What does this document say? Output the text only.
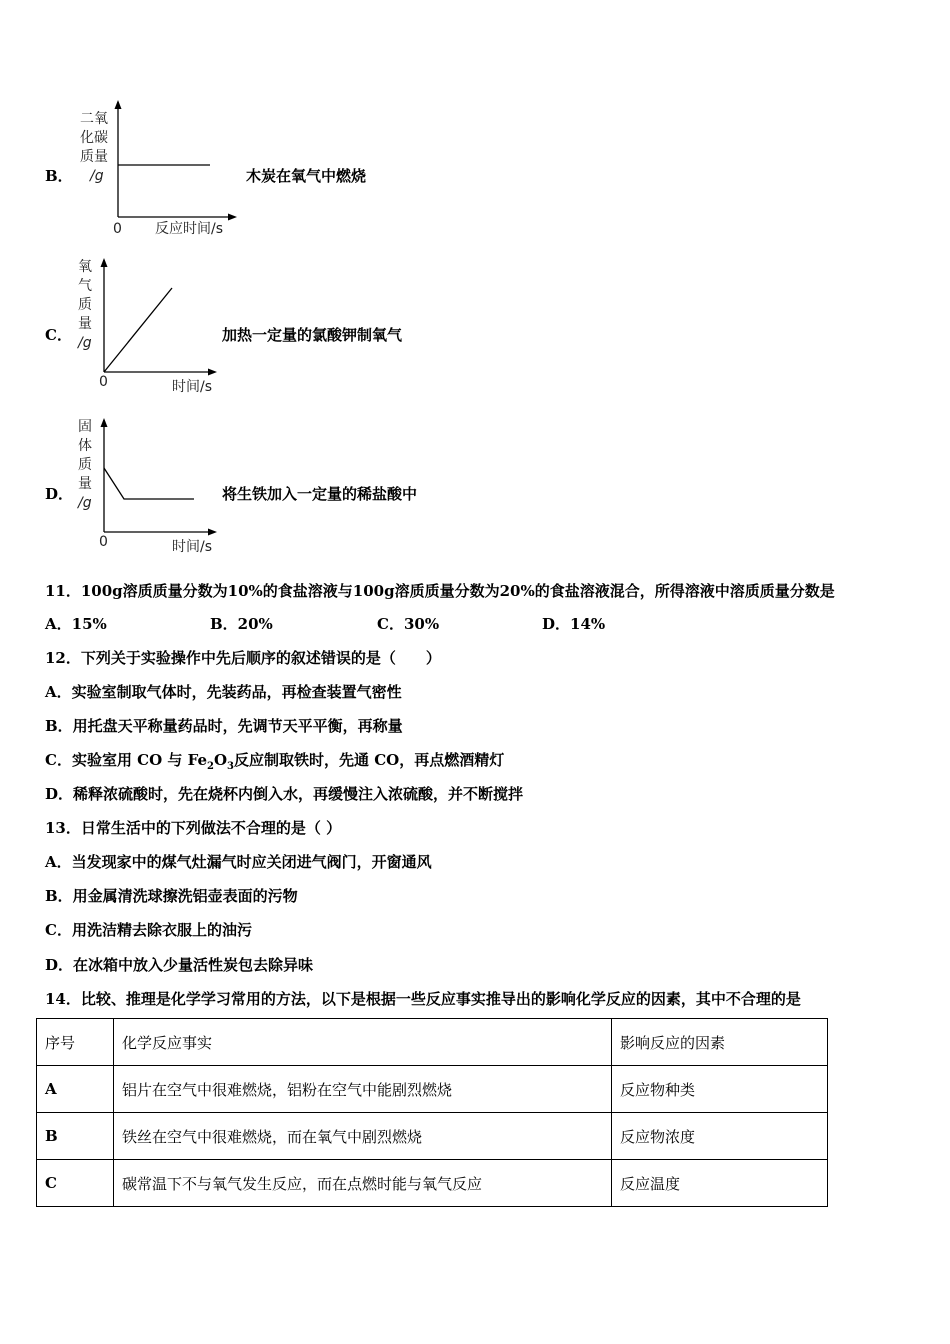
B．
二氧
化碳
质量
/g
0 反应时间/s
木炭在氧气中燃烧
C．
氧
气
质
量
/g
0	时间/s
加热一定量的氯酸钾制氧气
D．
固
体
质
量
/g
0	时间/s
将生铁加入一定量的稀盐酸中
11．100g溶质质量分数为10%的食盐溶液与100g溶质质量分数为20%的食盐溶液混合，所得溶液中溶质质量分数是
A．15%	B．20%	C．30%	D．14%
12．下列关于实验操作中先后顺序的叙述错误的是（　　）
A．实验室制取气体时，先装药品，再检查装置气密性
B．用托盘天平称量药品时，先调节天平平衡，再称量
C．实验室用 CO 与 $Fe_2O_3$反应制取铁时，先通 CO，再点燃酒精灯
D．稀释浓硫酸时，先在烧杯内倒入水，再缓慢注入浓硫酸，并不断搅拌
13．日常生活中的下列做法不合理的是（ ）
A．当发现家中的煤气灶漏气时应关闭进气阀门，开窗通风
B．用金属清洗球擦洗铝壶表面的污物
C．用洗洁精去除衣服上的油污
D．在冰箱中放入少量活性炭包去除异味
14．比较、推理是化学学习常用的方法，以下是根据一些反应事实推导出的影响化学反应的因素，其中不合理的是
序号	化学反应事实	影响反应的因素
A	铝片在空气中很难燃烧，铝粉在空气中能剧烈燃烧	反应物种类
B	铁丝在空气中很难燃烧，而在氧气中剧烈燃烧	反应物浓度
C	碳常温下不与氧气发生反应，而在点燃时能与氧气反应	反应温度
